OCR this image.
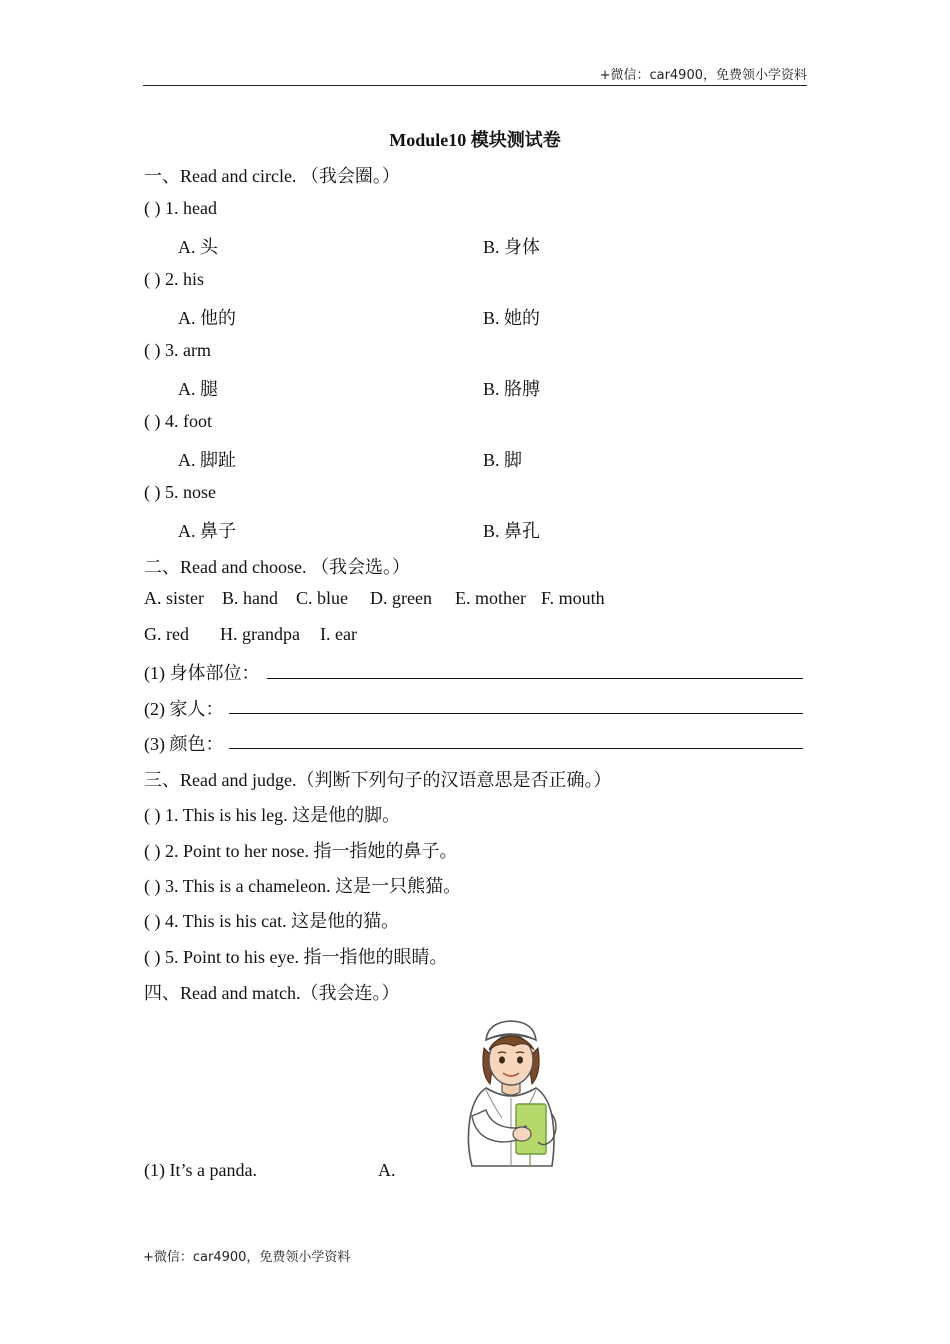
+微信：car4900，免费领小学资料
Module10 模块测试卷
一、Read and circle. （我会圈。）
( ) 1. head
A. 头	B. 身体
( ) 2. his
A. 他的	B. 她的
( ) 3. arm
A. 腿	B. 胳膊
( ) 4. foot
A. 脚趾	B. 脚
( ) 5. nose
A. 鼻子	B. 鼻孔
二、Read and choose. （我会选。）
A. sister B. hand C. blue D. green E. mother F. mouth
G. red H. grandpa I. ear
(1) 身体部位：
(2) 家人：
(3) 颜色：
三、Read and judge.（判断下列句子的汉语意思是否正确。）
( ) 1. This is his leg. 这是他的脚。
( ) 2. Point to her nose. 指一指她的鼻子。
( ) 3. This is a chameleon. 这是一只熊猫。
( ) 4. This is his cat. 这是他的猫。
( ) 5. Point to his eye. 指一指他的眼睛。
四、Read and match.（我会连。）
(1) It’s a panda.	A.
+微信：car4900，免费领小学资料
